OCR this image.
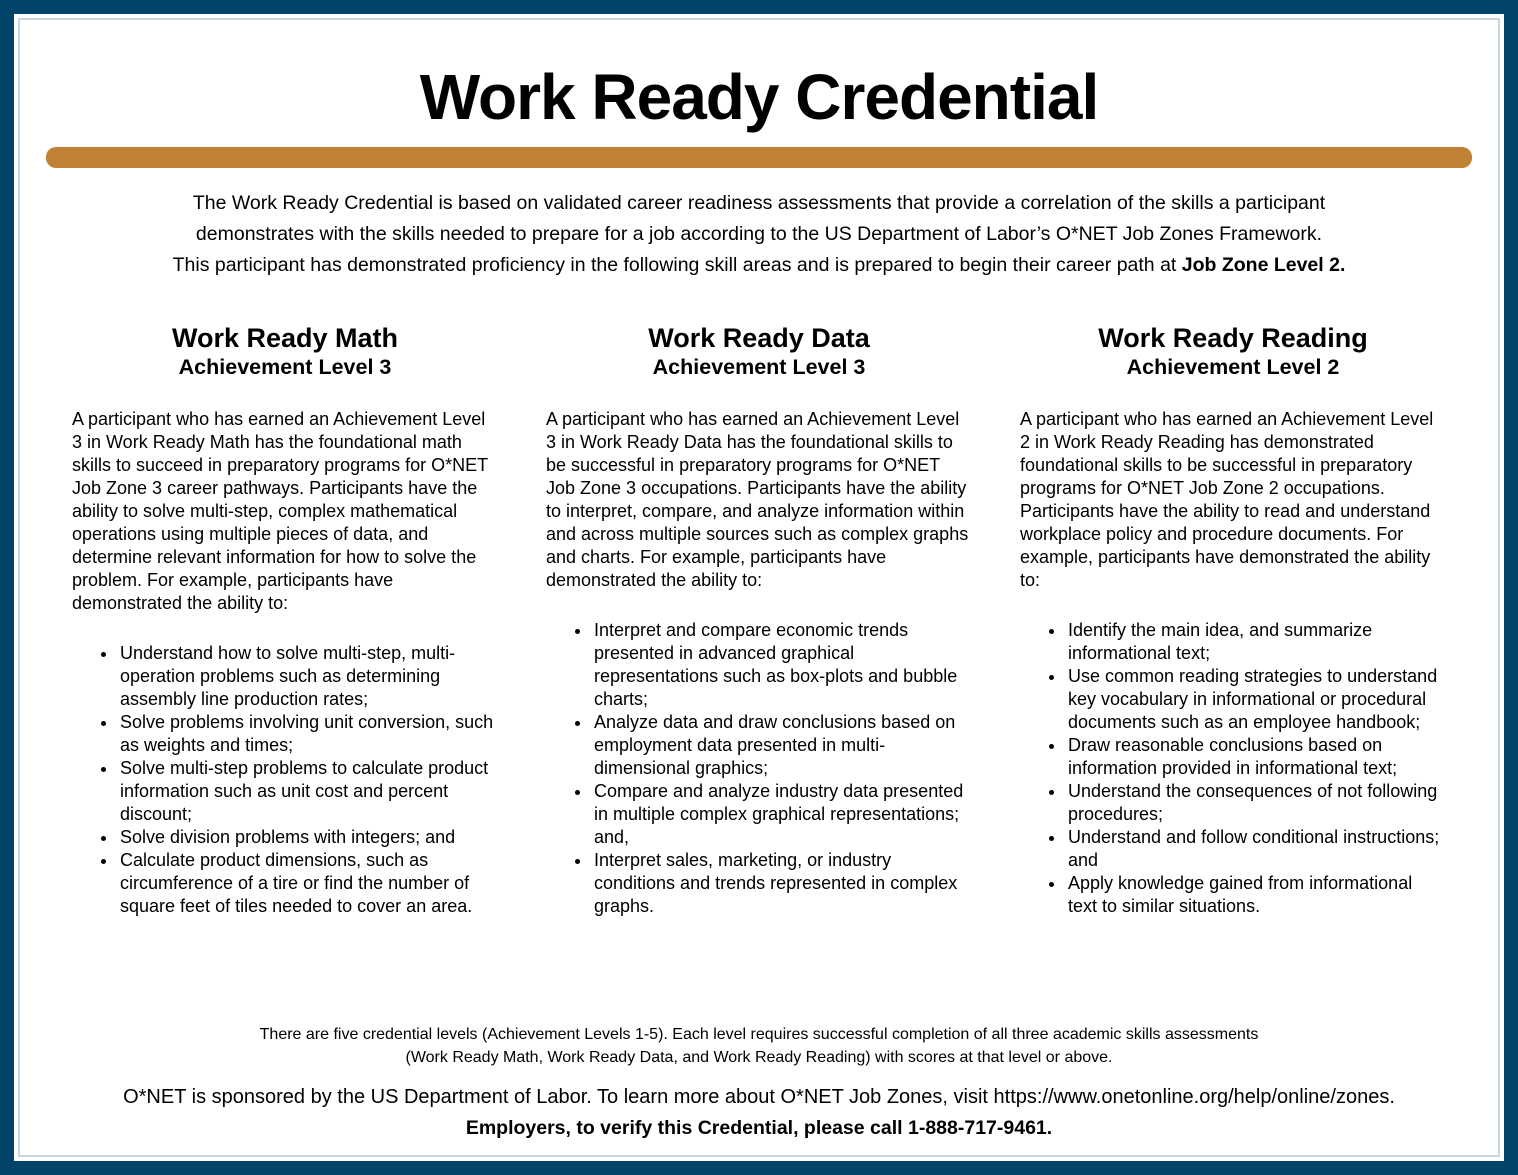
Work Ready Credential
The Work Ready Credential is based on validated career readiness assessments that provide a correlation of the skills a participant
demonstrates with the skills needed to prepare for a job according to the US Department of Labor’s O*NET Job Zones Framework.
This participant has demonstrated proficiency in the following skill areas and is prepared to begin their career path at Job Zone Level 2.
Work Ready Math
Achievement Level 3

A participant who has earned an Achievement Level 3 in Work Ready Math has the foundational math skills to succeed in preparatory programs for O*NET Job Zone 3 career pathways. Participants have the ability to solve multi-step, complex mathematical operations using multiple pieces of data, and determine relevant information for how to solve the problem. For example, participants have demonstrated the ability to:

• Understand how to solve multi-step, multi-operation problems such as determining assembly line production rates;
• Solve problems involving unit conversion, such as weights and times;
• Solve multi-step problems to calculate product information such as unit cost and percent discount;
• Solve division problems with integers; and
• Calculate product dimensions, such as circumference of a tire or find the number of square feet of tiles needed to cover an area.
Work Ready Data
Achievement Level 3

A participant who has earned an Achievement Level 3 in Work Ready Data has the foundational skills to be successful in preparatory programs for O*NET Job Zone 3 occupations. Participants have the ability to interpret, compare, and analyze information within and across multiple sources such as complex graphs and charts. For example, participants have demonstrated the ability to:

• Interpret and compare economic trends presented in advanced graphical representations such as box-plots and bubble charts;
• Analyze data and draw conclusions based on employment data presented in multi-dimensional graphics;
• Compare and analyze industry data presented in multiple complex graphical representations; and,
• Interpret sales, marketing, or industry conditions and trends represented in complex graphs.
Work Ready Reading
Achievement Level 2

A participant who has earned an Achievement Level 2 in Work Ready Reading has demonstrated foundational skills to be successful in preparatory programs for O*NET Job Zone 2 occupations. Participants have the ability to read and understand workplace policy and procedure documents. For example, participants have demonstrated the ability to:

• Identify the main idea, and summarize informational text;
• Use common reading strategies to understand key vocabulary in informational or procedural documents such as an employee handbook;
• Draw reasonable conclusions based on information provided in informational text;
• Understand the consequences of not following procedures;
• Understand and follow conditional instructions; and
• Apply knowledge gained from informational text to similar situations.
There are five credential levels (Achievement Levels 1-5). Each level requires successful completion of all three academic skills assessments
(Work Ready Math, Work Ready Data, and Work Ready Reading) with scores at that level or above.
O*NET is sponsored by the US Department of Labor. To learn more about O*NET Job Zones, visit https://www.onetonline.org/help/online/zones.
Employers, to verify this Credential, please call 1-888-717-9461.
